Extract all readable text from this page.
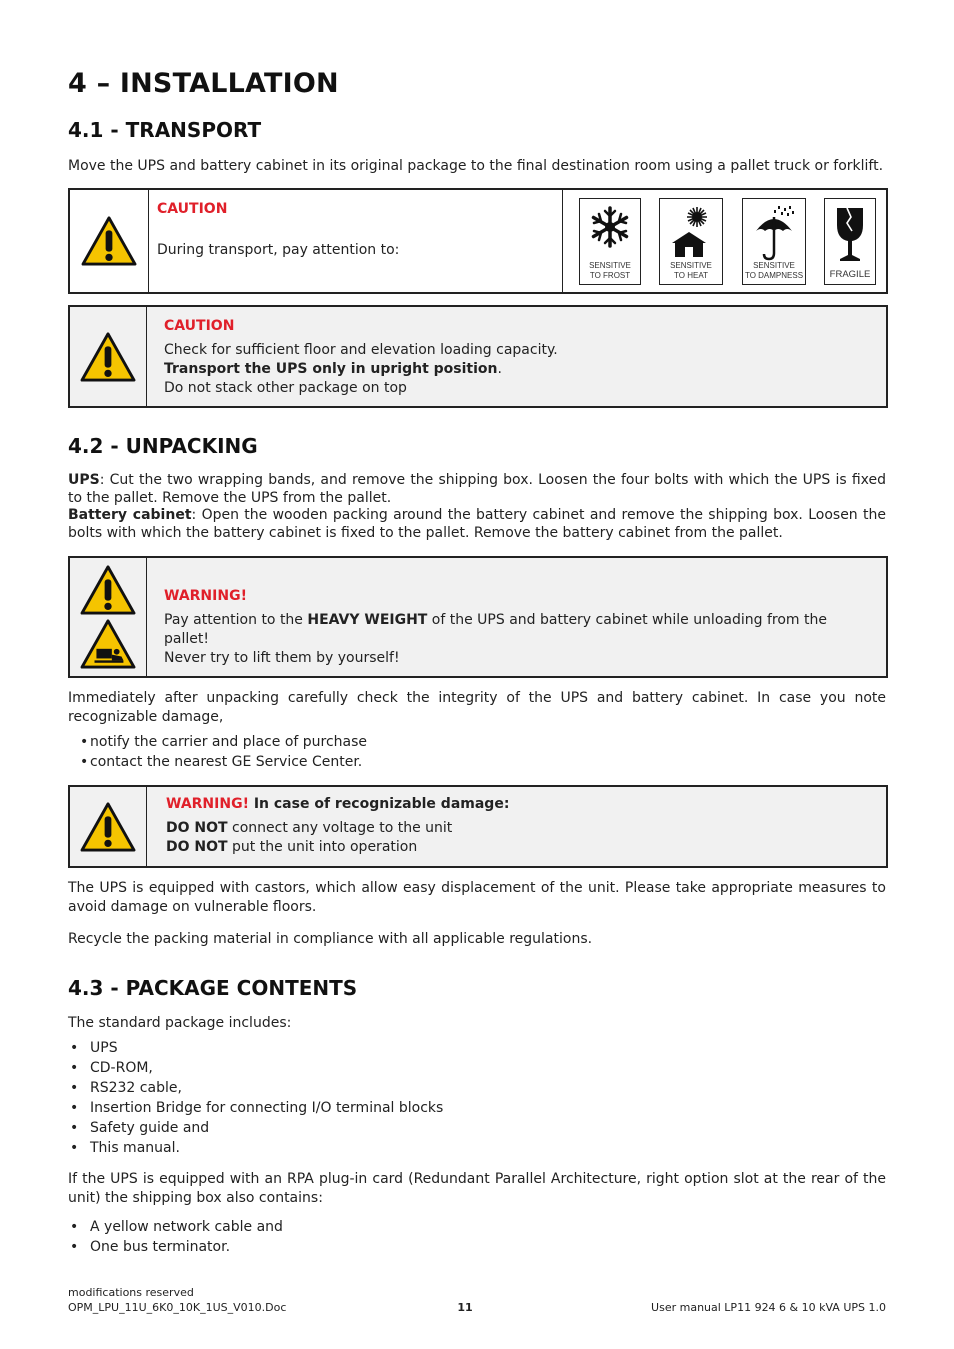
4 – INSTALLATION
4.1 - TRANSPORT

Move the UPS and battery cabinet in its original package to the final destination room using a pallet truck or forklift.

CAUTION
During transport, pay attention to:
SENSITIVE
TO FROST
SENSITIVE
TO HEAT
SENSITIVE
TO DAMPNESS	FRAGILE
CAUTION
Check for sufficient floor and elevation loading capacity.
Transport the UPS only in upright position.
Do not stack other package on top
4.2 - UNPACKING

UPS: Cut the two wrapping bands, and remove the shipping box. Loosen the four bolts with which the UPS is fixed to the pallet. Remove the UPS from the pallet.

Battery cabinet: Open the wooden packing around the battery cabinet and remove the shipping box. Loosen the bolts with which the battery cabinet is fixed to the pallet. Remove the battery cabinet from the pallet.

WARNING!
Pay attention to the HEAVY WEIGHT of the UPS and battery cabinet while unloading from the pallet!
Never try to lift them by yourself!

Immediately after unpacking carefully check the integrity of the UPS and battery cabinet. In case you note recognizable damage,

• notify the carrier and place of purchase
• contact the nearest GE Service Center.
WARNING! In case of recognizable damage:
DO NOT connect any voltage to the unit
DO NOT put the unit into operation

The UPS is equipped with castors, which allow easy displacement of the unit. Please take appropriate measures to avoid damage on vulnerable floors.

Recycle the packing material in compliance with all applicable regulations.

4.3 - PACKAGE CONTENTS

The standard package includes:

• UPS
• CD-ROM,
• RS232 cable,
• Insertion Bridge for connecting I/O terminal blocks
• Safety guide and
• This manual.

If the UPS is equipped with an RPA plug-in card (Redundant Parallel Architecture, right option slot at the rear of the unit) the shipping box also contains:

• A yellow network cable and
• One bus terminator.
modifications reserved
OPM_LPU_11U_6K0_10K_1US_V010.Doc	11	User manual LP11 924 6 & 10 kVA UPS 1.0
